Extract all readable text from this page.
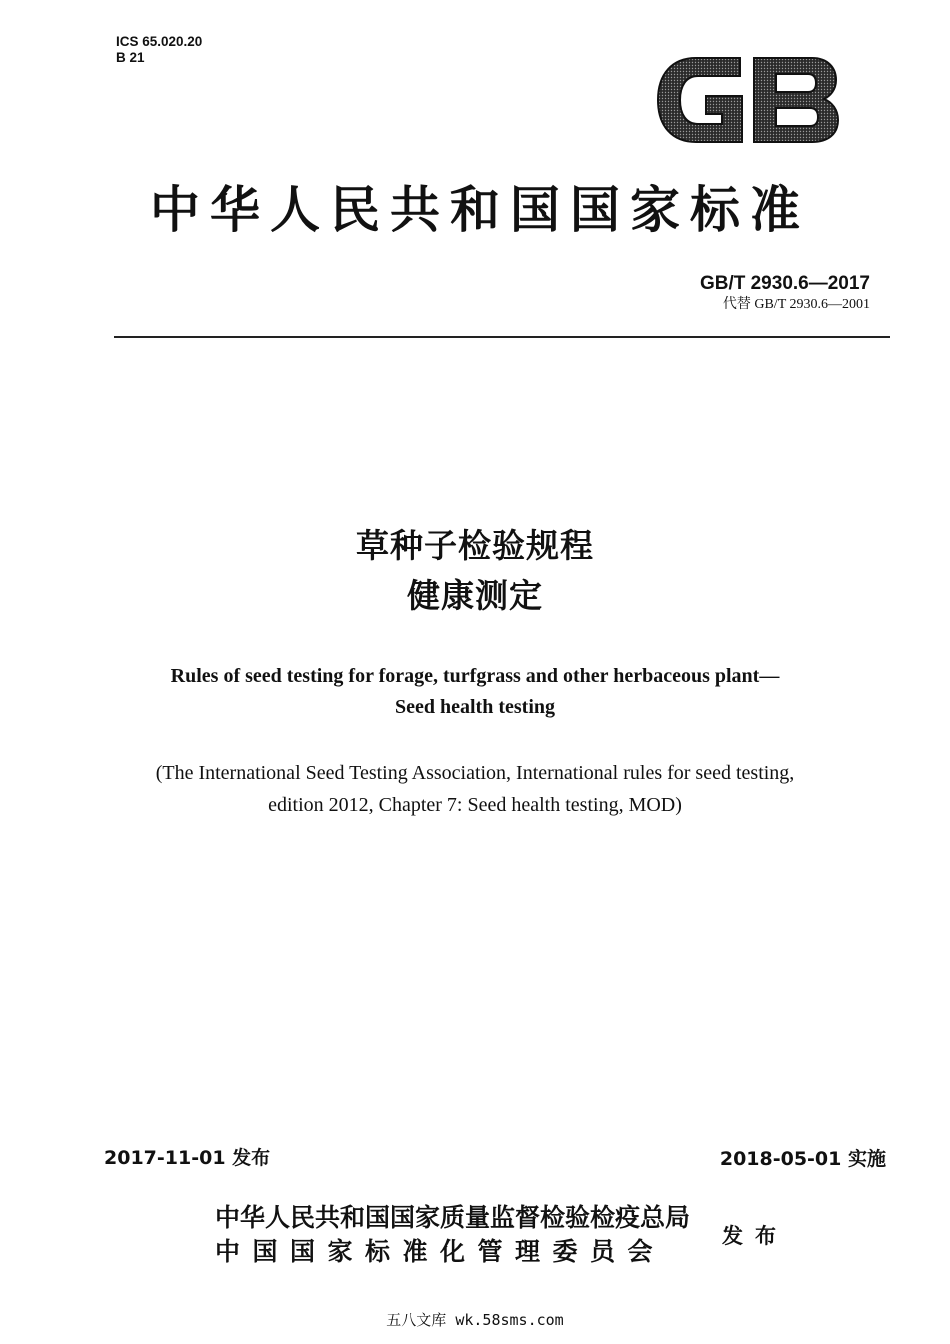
ICS 65.020.20
B 21
中华人民共和国国家标准
GB/T 2930.6—2017
代替 GB/T 2930.6—2001
草种子检验规程
健康测定
Rules of seed testing for forage, turfgrass and other herbaceous plant—
Seed health testing
(The International Seed Testing Association, International rules for seed testing, edition 2012, Chapter 7: Seed health testing, MOD)
2017-11-01 发布	2018-05-01 实施
中华人民共和国国家质量监督检验检疫总局
中国国家标准化管理委员会
发布
五八文库 wk.58sms.com
